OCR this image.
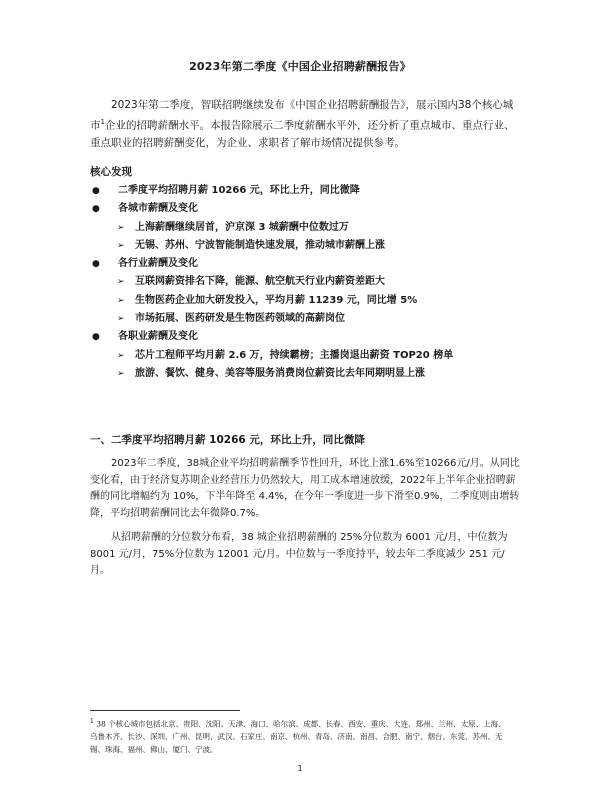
2023年第二季度《中国企业招聘薪酬报告》

2023年第二季度，智联招聘继续发布《中国企业招聘薪酬报告》，展示国内38个核心城市$^1$企业的招聘薪酬水平。本报告除展示二季度薪酬水平外，还分析了重点城市、重点行业、重点职业的招聘薪酬变化，为企业、求职者了解市场情况提供参考。

核心发现
● 二季度平均招聘月薪 10266 元，环比上升，同比微降
● 各城市薪酬及变化
➢ 上海薪酬继续居首，沪京深 3 城薪酬中位数过万
➢ 无锡、苏州、宁波智能制造快速发展，推动城市薪酬上涨
● 各行业薪酬及变化
➢ 互联网薪资排名下降，能源、航空航天行业内薪资差距大
➢ 生物医药企业加大研发投入，平均月薪 11239 元，同比增 5%
➢ 市场拓展、医药研发是生物医药领域的高薪岗位
● 各职业薪酬及变化
➢ 芯片工程师平均月薪 2.6 万，持续霸榜；主播岗退出薪资 TOP20 榜单
➢ 旅游、餐饮、健身、美容等服务消费岗位薪资比去年同期明显上涨
一、二季度平均招聘月薪 10266 元，环比上升，同比微降

2023年二季度，38城企业平均招聘薪酬季节性回升，环比上涨1.6%至10266元/月。从同比变化看，由于经济复苏期企业经营压力仍然较大，用工成本增速放缓，2022年上半年企业招聘薪酬的同比增幅约为 10%，下半年降至 4.4%，在今年一季度进一步下滑至0.9%，二季度则由增转降，平均招聘薪酬同比去年微降0.7%。

从招聘薪酬的分位数分布看，38 城企业招聘薪酬的 25%分位数为 6001 元/月，中位数为 8001 元/月，75%分位数为 12001 元/月。中位数与一季度持平，较去年二季度减少 251 元/月。

$^1$ 38 个核心城市包括北京、贵阳、沈阳、天津、海口、哈尔滨、成都、长春、西安、重庆、大连、郑州、兰州、太原、上海、乌鲁木齐、长沙、深圳、广州、昆明、武汉、石家庄、南京、杭州、青岛、济南、南昌、合肥、南宁、烟台、东莞、苏州、无锡、珠海、福州、佛山、厦门、宁波。

1
